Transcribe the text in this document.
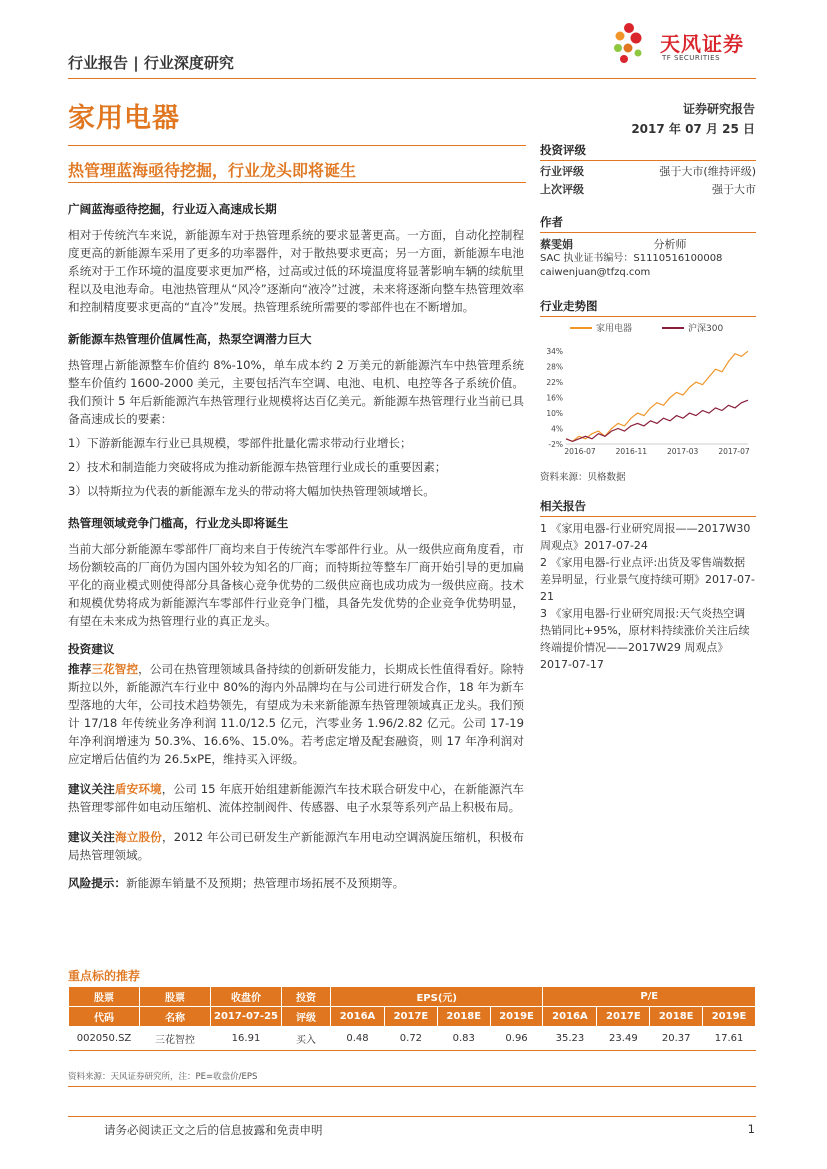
天风证券
TF SECURITIES
行业报告 | 行业深度研究
家用电器	证券研究报告
2017 年 07 月 25 日
热管理蓝海亟待挖掘，行业龙头即将诞生
广阔蓝海亟待挖掘，行业迈入高速成长期

相对于传统汽车来说，新能源车对于热管理系统的要求显著更高。一方面，自动化控制程度更高的新能源车采用了更多的功率器件，对于散热要求更高；另一方面，新能源车电池系统对于工作环境的温度要求更加严格，过高或过低的环境温度将显著影响车辆的续航里程以及电池寿命。电池热管理从“风冷”逐渐向“液冷”过渡，未来将逐渐向整车热管理效率和控制精度要求更高的“直冷”发展。热管理系统所需要的零部件也在不断增加。

新能源车热管理价值属性高，热泵空调潜力巨大

热管理占新能源整车价值约 8%-10%，单车成本约 2 万美元的新能源汽车中热管理系统整车价值约 1600-2000 美元，主要包括汽车空调、电池、电机、电控等各子系统价值。我们预计 5 年后新能源汽车热管理行业规模将达百亿美元。新能源车热管理行业当前已具备高速成长的要素：

1）下游新能源车行业已具规模，零部件批量化需求带动行业增长；

2）技术和制造能力突破将成为推动新能源车热管理行业成长的重要因素；

3）以特斯拉为代表的新能源车龙头的带动将大幅加快热管理领域增长。

热管理领域竞争门槛高，行业龙头即将诞生

当前大部分新能源车零部件厂商均来自于传统汽车零部件行业。从一级供应商角度看，市场份额较高的厂商仍为国内国外较为知名的厂商；而特斯拉等整车厂商开始引导的更加扁平化的商业模式则使得部分具备核心竞争优势的二级供应商也成功成为一级供应商。技术和规模优势将成为新能源汽车零部件行业竞争门槛，具备先发优势的企业竞争优势明显，有望在未来成为热管理行业的真正龙头。

投资建议

推荐三花智控，公司在热管理领域具备持续的创新研发能力，长期成长性值得看好。除特斯拉以外，新能源汽车行业中 80%的海内外品牌均在与公司进行研发合作，18 年为新车型落地的大年，公司技术趋势领先，有望成为未来新能源车热管理领域真正龙头。我们预计 17/18 年传统业务净利润 11.0/12.5 亿元，汽零业务 1.96/2.82 亿元。公司 17-19 年净利润增速为 50.3%、16.6%、15.0%。若考虑定增及配套融资，则 17 年净利润对应定增后估值约为 26.5xPE，维持买入评级。

建议关注盾安环境，公司 15 年底开始组建新能源汽车技术联合研发中心，在新能源汽车热管理零部件如电动压缩机、流体控制阀件、传感器、电子水泵等系列产品上积极布局。

建议关注海立股份，2012 年公司已研发生产新能源汽车用电动空调涡旋压缩机，积极布局热管理领域。

风险提示：新能源车销量不及预期；热管理市场拓展不及预期等。

投资评级
行业评级	强于大市(维持评级)
上次评级	强于大市
作者
蔡雯娟	分析师
SAC 执业证书编号：S1110516100008
caiwenjuan@tfzq.com
行业走势图
家用电器	沪深300
-2%
4%
10%
16%
22%
28%
34%
2016-07	2016-11	2017-03	2017-07
资料来源：贝格数据
相关报告
1 《家用电器-行业研究周报——2017W30 周观点》2017-07-24
2 《家用电器-行业点评:出货及零售端数据差异明显，行业景气度持续可期》2017-07-21
3 《家用电器-行业研究周报:天气炎热空调热销同比+95%，原材料持续涨价关注后续终端提价情况——2017W29 周观点》 2017-07-17
重点标的推荐
股票	股票	收盘价	投资	EPS(元)				P/E			
代码	名称	2017-07-25	评级	2016A	2017E	2018E	2019E	2016A	2017E	2018E	2019E
002050.SZ	三花智控	16.91	买入	0.48	0.72	0.83	0.96	35.23	23.49	20.37	17.61
资料来源：天风证券研究所，注：PE=收盘价/EPS
请务必阅读正文之后的信息披露和免责申明	1
